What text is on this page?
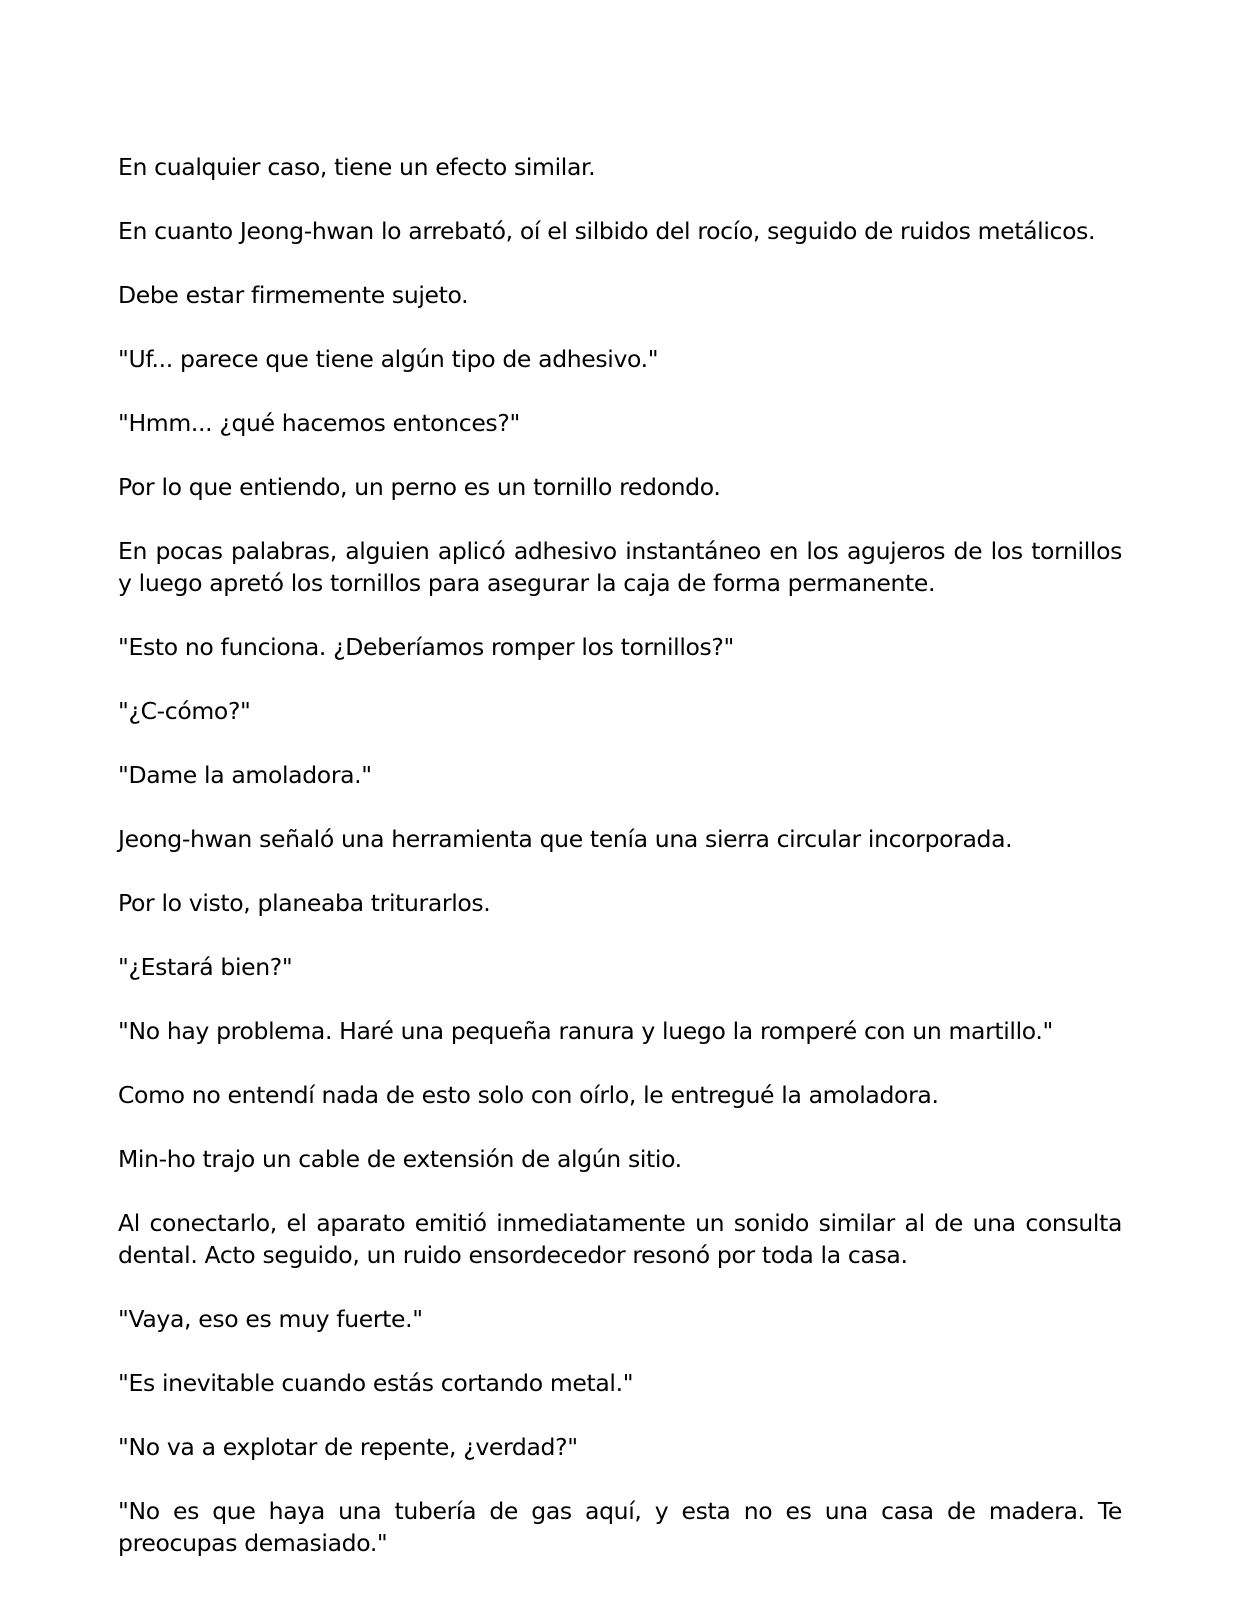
En cualquier caso, tiene un efecto similar.

En cuanto Jeong-hwan lo arrebató, oí el silbido del rocío, seguido de ruidos metálicos.

Debe estar firmemente sujeto.

"Uf... parece que tiene algún tipo de adhesivo."

"Hmm... ¿qué hacemos entonces?"

Por lo que entiendo, un perno es un tornillo redondo.

En pocas palabras, alguien aplicó adhesivo instantáneo en los agujeros de los tornillos y luego apretó los tornillos para asegurar la caja de forma permanente.

"Esto no funciona. ¿Deberíamos romper los tornillos?"

"¿C-cómo?"

"Dame la amoladora."

Jeong-hwan señaló una herramienta que tenía una sierra circular incorporada.

Por lo visto, planeaba triturarlos.

"¿Estará bien?"

"No hay problema. Haré una pequeña ranura y luego la romperé con un martillo."

Como no entendí nada de esto solo con oírlo, le entregué la amoladora.

Min-ho trajo un cable de extensión de algún sitio.

Al conectarlo, el aparato emitió inmediatamente un sonido similar al de una consulta dental. Acto seguido, un ruido ensordecedor resonó por toda la casa.

"Vaya, eso es muy fuerte."

"Es inevitable cuando estás cortando metal."

"No va a explotar de repente, ¿verdad?"

"No es que haya una tubería de gas aquí, y esta no es una casa de madera. Te preocupas demasiado."
